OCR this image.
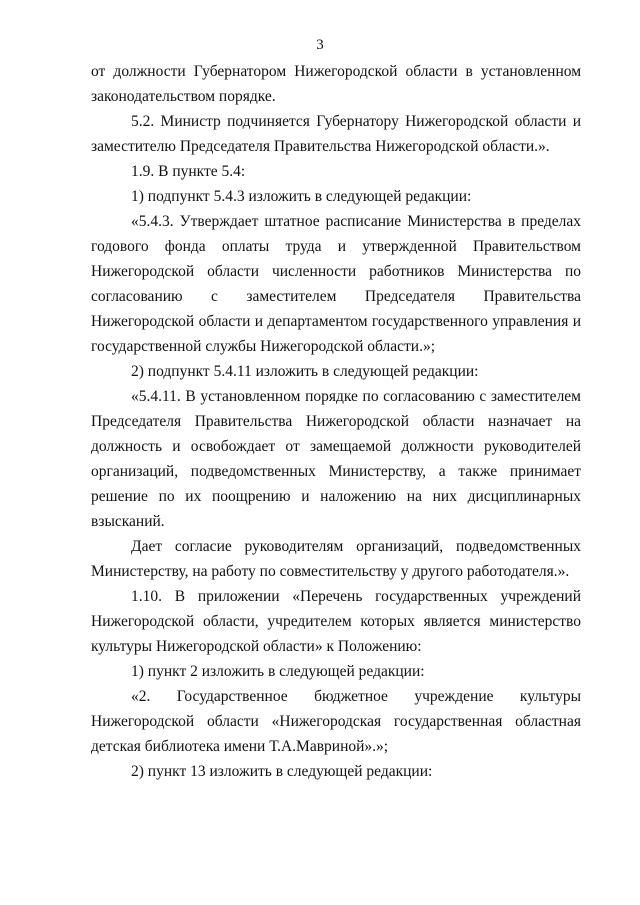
3

от должности Губернатором Нижегородской области в установленном законодательством порядке.

5.2. Министр подчиняется Губернатору Нижегородской области и заместителю Председателя Правительства Нижегородской области.».

1.9. В пункте 5.4:

1) подпункт 5.4.3 изложить в следующей редакции:

«5.4.3. Утверждает штатное расписание Министерства в пределах годового фонда оплаты труда и утвержденной Правительством Нижегородской области численности работников Министерства по согласованию с заместителем Председателя Правительства Нижегородской области и департаментом государственного управления и государственной службы Нижегородской области.»;

2) подпункт 5.4.11 изложить в следующей редакции:

«5.4.11. В установленном порядке по согласованию с заместителем Председателя Правительства Нижегородской области назначает на должность и освобождает от замещаемой должности руководителей организаций, подведомственных Министерству, а также принимает решение по их поощрению и наложению на них дисциплинарных взысканий.

Дает согласие руководителям организаций, подведомственных Министерству, на работу по совместительству у другого работодателя.».

1.10. В приложении «Перечень государственных учреждений Нижегородской области, учредителем которых является министерство культуры Нижегородской области» к Положению:

1) пункт 2 изложить в следующей редакции:

«2. Государственное бюджетное учреждение культуры Нижегородской области «Нижегородская государственная областная детская библиотека имени Т.А.Мавриной».»;

2) пункт 13 изложить в следующей редакции:
